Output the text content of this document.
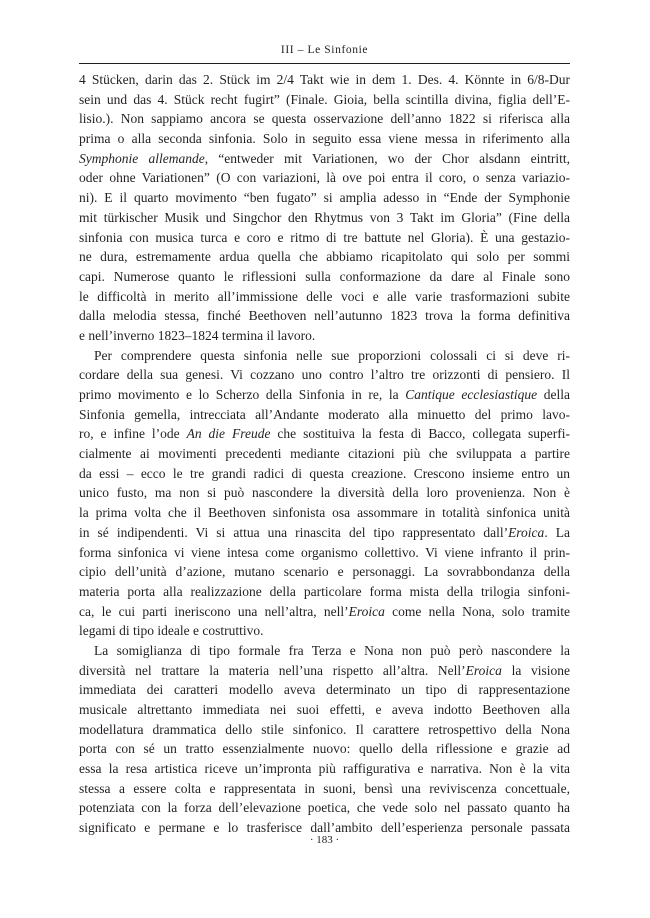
III – Le Sinfonie
4 Stücken, darin das 2. Stück im 2/4 Takt wie in dem 1. Des. 4. Könnte in 6/8-Dur
sein und das 4. Stück recht fugirt” (Finale. Gioia, bella scintilla divina, figlia dell’E-
lisio.). Non sappiamo ancora se questa osservazione dell’anno 1822 si riferisca alla
prima o alla seconda sinfonia. Solo in seguito essa viene messa in riferimento alla
Symphonie allemande, “entweder mit Variationen, wo der Chor alsdann eintritt,
oder ohne Variationen” (O con variazioni, là ove poi entra il coro, o senza variazio-
ni). E il quarto movimento “ben fugato” si amplia adesso in “Ende der Symphonie
mit türkischer Musik und Singchor den Rhytmus von 3 Takt im Gloria” (Fine della
sinfonia con musica turca e coro e ritmo di tre battute nel Gloria). È una gestazio-
ne dura, estremamente ardua quella che abbiamo ricapitolato qui solo per sommi
capi. Numerose quanto le riflessioni sulla conformazione da dare al Finale sono
le difficoltà in merito all’immissione delle voci e alle varie trasformazioni subite
dalla melodia stessa, finché Beethoven nell’autunno 1823 trova la forma definitiva
e nell’inverno 1823–1824 termina il lavoro.
Per comprendere questa sinfonia nelle sue proporzioni colossali ci si deve ri-
cordare della sua genesi. Vi cozzano uno contro l’altro tre orizzonti di pensiero. Il
primo movimento e lo Scherzo della Sinfonia in re, la Cantique ecclesiastique della
Sinfonia gemella, intrecciata all’Andante moderato alla minuetto del primo lavo-
ro, e infine l’ode An die Freude che sostituiva la festa di Bacco, collegata superfi-
cialmente ai movimenti precedenti mediante citazioni più che sviluppata a partire
da essi – ecco le tre grandi radici di questa creazione. Crescono insieme entro un
unico fusto, ma non si può nascondere la diversità della loro provenienza. Non è
la prima volta che il Beethoven sinfonista osa assommare in totalità sinfonica unità
in sé indipendenti. Vi si attua una rinascita del tipo rappresentato dall’Eroica. La
forma sinfonica vi viene intesa come organismo collettivo. Vi viene infranto il prin-
cipio dell’unità d’azione, mutano scenario e personaggi. La sovrabbondanza della
materia porta alla realizzazione della particolare forma mista della trilogia sinfoni-
ca, le cui parti ineriscono una nell’altra, nell’Eroica come nella Nona, solo tramite
legami di tipo ideale e costruttivo.
La somiglianza di tipo formale fra Terza e Nona non può però nascondere la
diversità nel trattare la materia nell’una rispetto all’altra. Nell’Eroica la visione
immediata dei caratteri modello aveva determinato un tipo di rappresentazione
musicale altrettanto immediata nei suoi effetti, e aveva indotto Beethoven alla
modellatura drammatica dello stile sinfonico. Il carattere retrospettivo della Nona
porta con sé un tratto essenzialmente nuovo: quello della riflessione e grazie ad
essa la resa artistica riceve un’impronta più raffigurativa e narrativa. Non è la vita
stessa a essere colta e rappresentata in suoni, bensì una reviviscenza concettuale,
potenziata con la forza dell’elevazione poetica, che vede solo nel passato quanto ha
significato e permane e lo trasferisce dall’ambito dell’esperienza personale passata
· 183 ·
